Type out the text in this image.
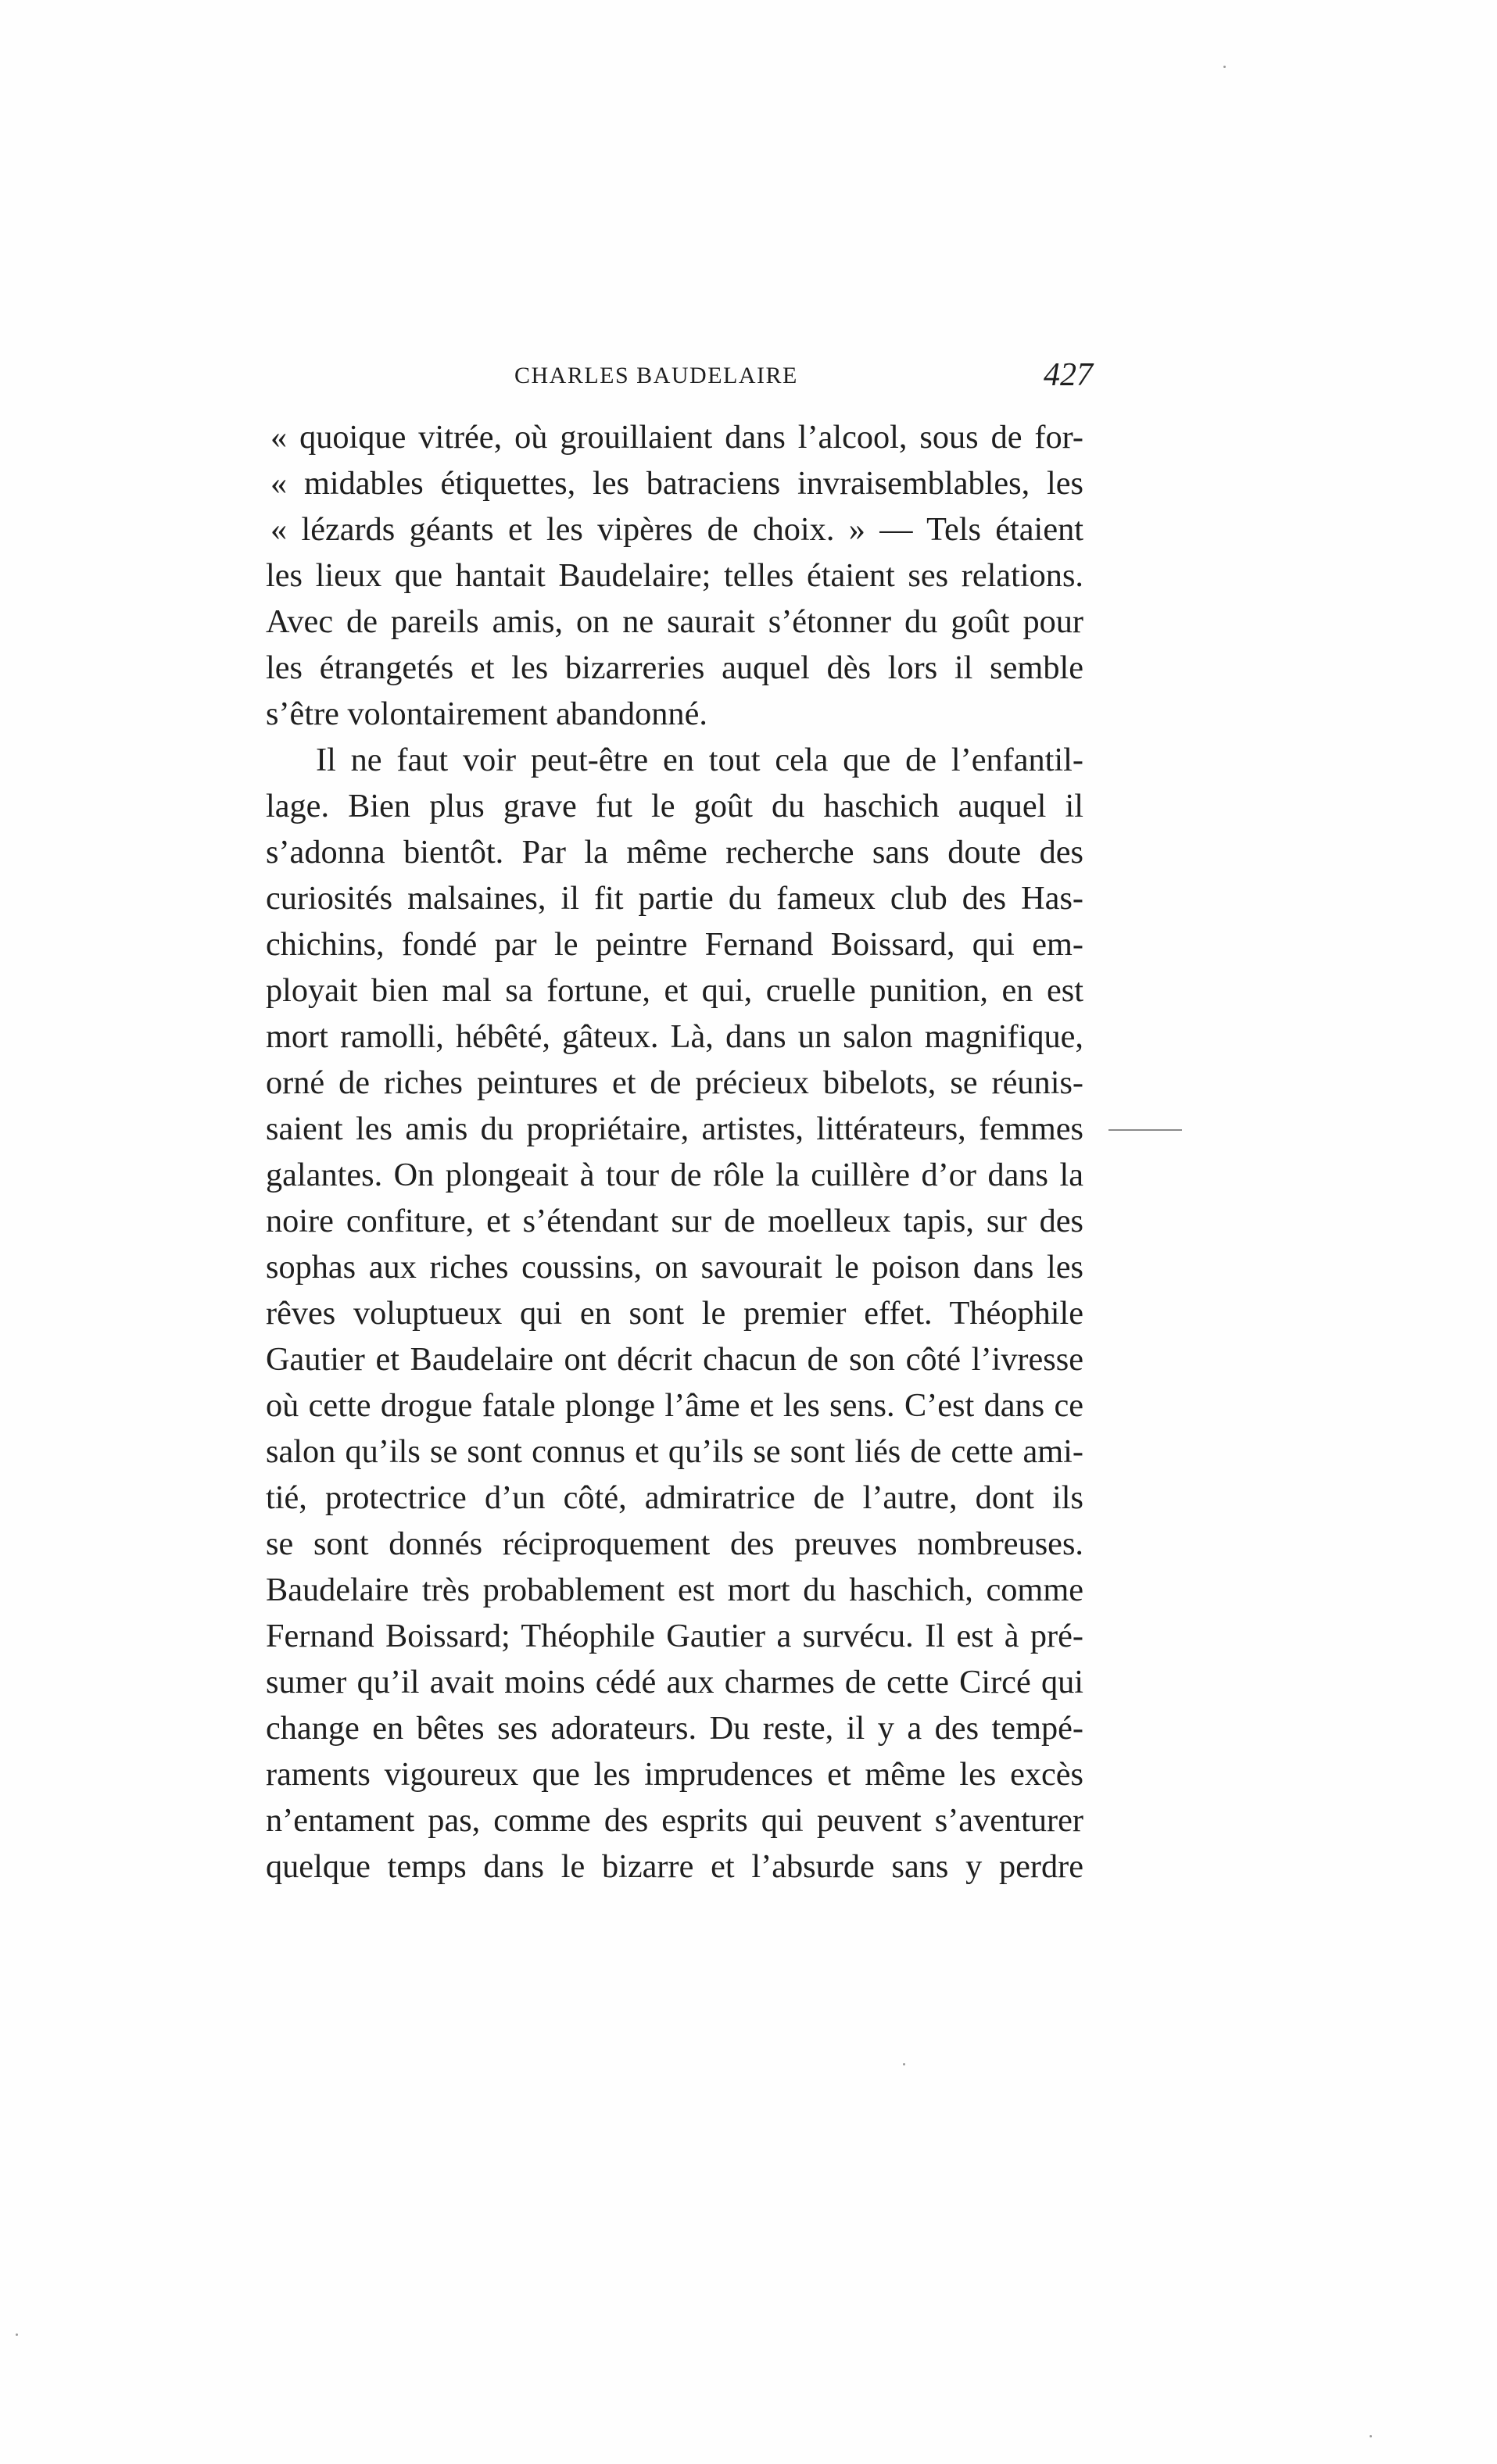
CHARLES BAUDELAIRE	427
« quoique vitrée, où grouillaient dans l’alcool, sous de for-
« midables étiquettes, les batraciens invraisemblables, les
« lézards géants et les vipères de choix. » — Tels étaient
les lieux que hantait Baudelaire; telles étaient ses relations.
Avec de pareils amis, on ne saurait s’étonner du goût pour
les étrangetés et les bizarreries auquel dès lors il semble
s’être volontairement abandonné.
Il ne faut voir peut-être en tout cela que de l’enfantil-
lage. Bien plus grave fut le goût du haschich auquel il
s’adonna bientôt. Par la même recherche sans doute des
curiosités malsaines, il fit partie du fameux club des Has-
chichins, fondé par le peintre Fernand Boissard, qui em-
ployait bien mal sa fortune, et qui, cruelle punition, en est
mort ramolli, hébêté, gâteux. Là, dans un salon magnifique,
orné de riches peintures et de précieux bibelots, se réunis-
saient les amis du propriétaire, artistes, littérateurs, femmes
galantes. On plongeait à tour de rôle la cuillère d’or dans la
noire confiture, et s’étendant sur de moelleux tapis, sur des
sophas aux riches coussins, on savourait le poison dans les
rêves voluptueux qui en sont le premier effet. Théophile
Gautier et Baudelaire ont décrit chacun de son côté l’ivresse
où cette drogue fatale plonge l’âme et les sens. C’est dans ce
salon qu’ils se sont connus et qu’ils se sont liés de cette ami-
tié, protectrice d’un côté, admiratrice de l’autre, dont ils
se sont donnés réciproquement des preuves nombreuses.
Baudelaire très probablement est mort du haschich, comme
Fernand Boissard; Théophile Gautier a survécu. Il est à pré-
sumer qu’il avait moins cédé aux charmes de cette Circé qui
change en bêtes ses adorateurs. Du reste, il y a des tempé-
raments vigoureux que les imprudences et même les excès
n’entament pas, comme des esprits qui peuvent s’aventurer
quelque temps dans le bizarre et l’absurde sans y perdre
